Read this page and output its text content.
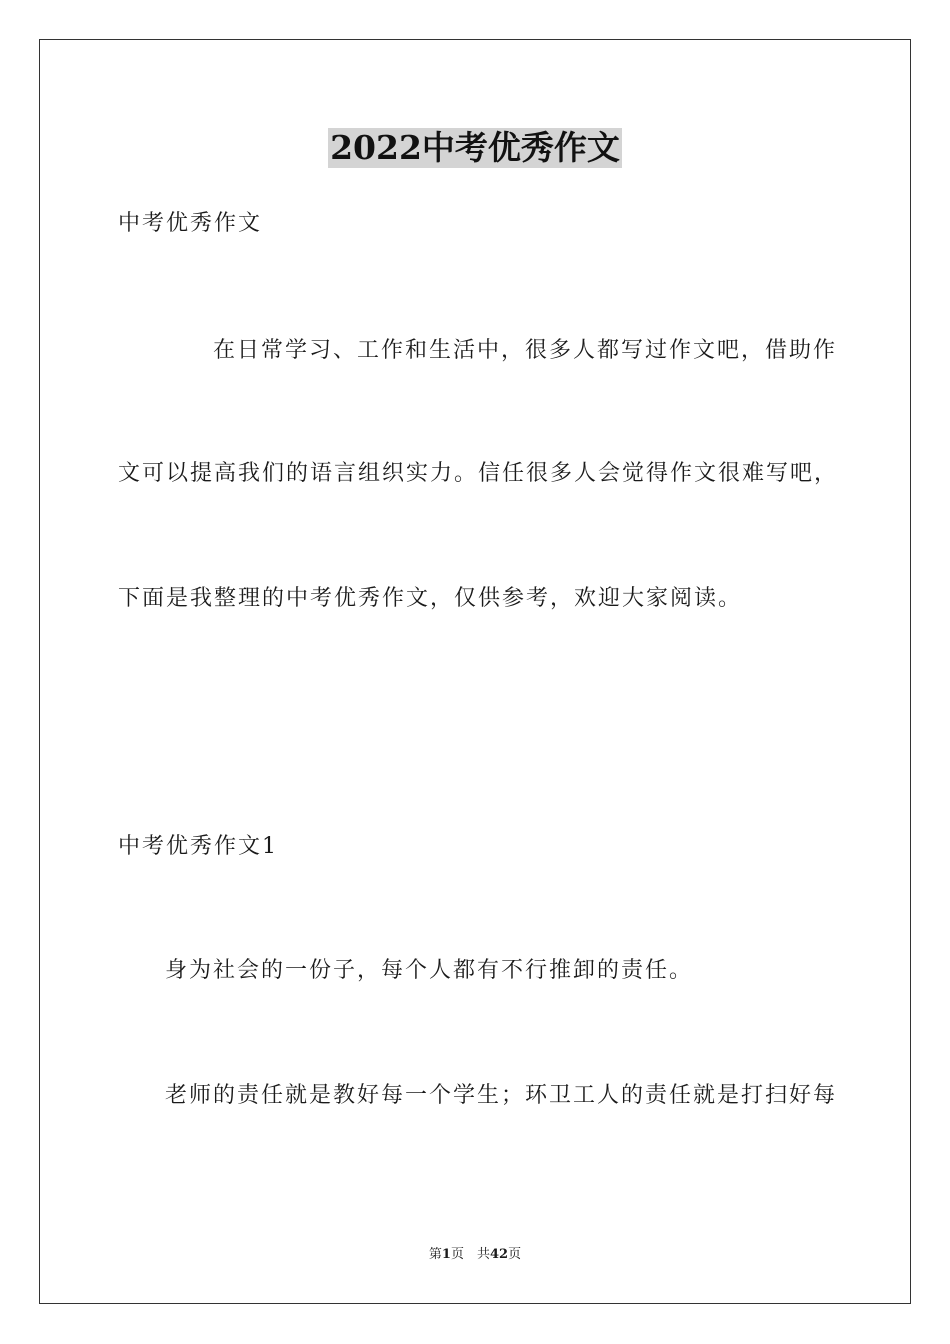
2022中考优秀作文
中考优秀作文
在日常学习、工作和生活中，很多人都写过作文吧，借助作
文可以提高我们的语言组织实力。信任很多人会觉得作文很难写吧，
下面是我整理的中考优秀作文，仅供参考，欢迎大家阅读。
中考优秀作文1
身为社会的一份子，每个人都有不行推卸的责任。
老师的责任就是教好每一个学生；环卫工人的责任就是打扫好每
第1页　共42页
